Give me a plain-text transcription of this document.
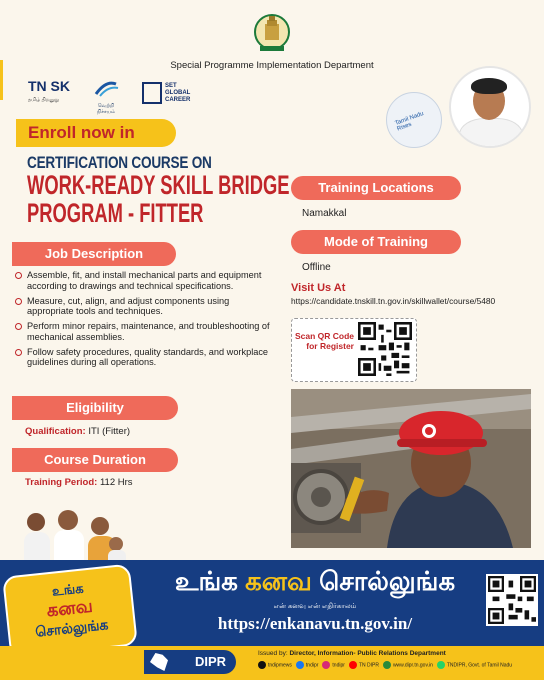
Special Programme Implementation Department
TN SK
தமிழ் திறனுறு
வெற்றி நிச்சயம்
SET GLOBAL CAREER
Tamil Nadu Rises
Enroll now in
CERTIFICATION COURSE ON
WORK-READY SKILL BRIDGE
PROGRAM - FITTER
Job Description
Assemble, fit, and install mechanical parts and equipment according to drawings and technical specifications.
Measure, cut, align, and adjust components using appropriate tools and techniques.
Perform minor repairs, maintenance, and troubleshooting of mechanical assemblies.
Follow safety procedures, quality standards, and workplace guidelines during all operations.
Eligibility
Qualification: ITI (Fitter)
Course Duration
Training Period: 112 Hrs
Training Locations
Namakkal
Mode of Training
Offline
Visit Us At
https://candidate.tnskill.tn.gov.in/skillwallet/course/5480
Scan QR Code for Register
உங்க
கனவ
சொல்லுங்க
உங்க கனவ சொல்லுங்க
என் கனவு என் எதிர்காலம்
https://enkanavu.tn.gov.in/
DIPR
Issued by: Director, Information- Public Relations Department
tndipmews	tndipr	tndipr	TN DIPR	www.dipr.tn.gov.in	TNDIPR, Govt. of Tamil Nadu
